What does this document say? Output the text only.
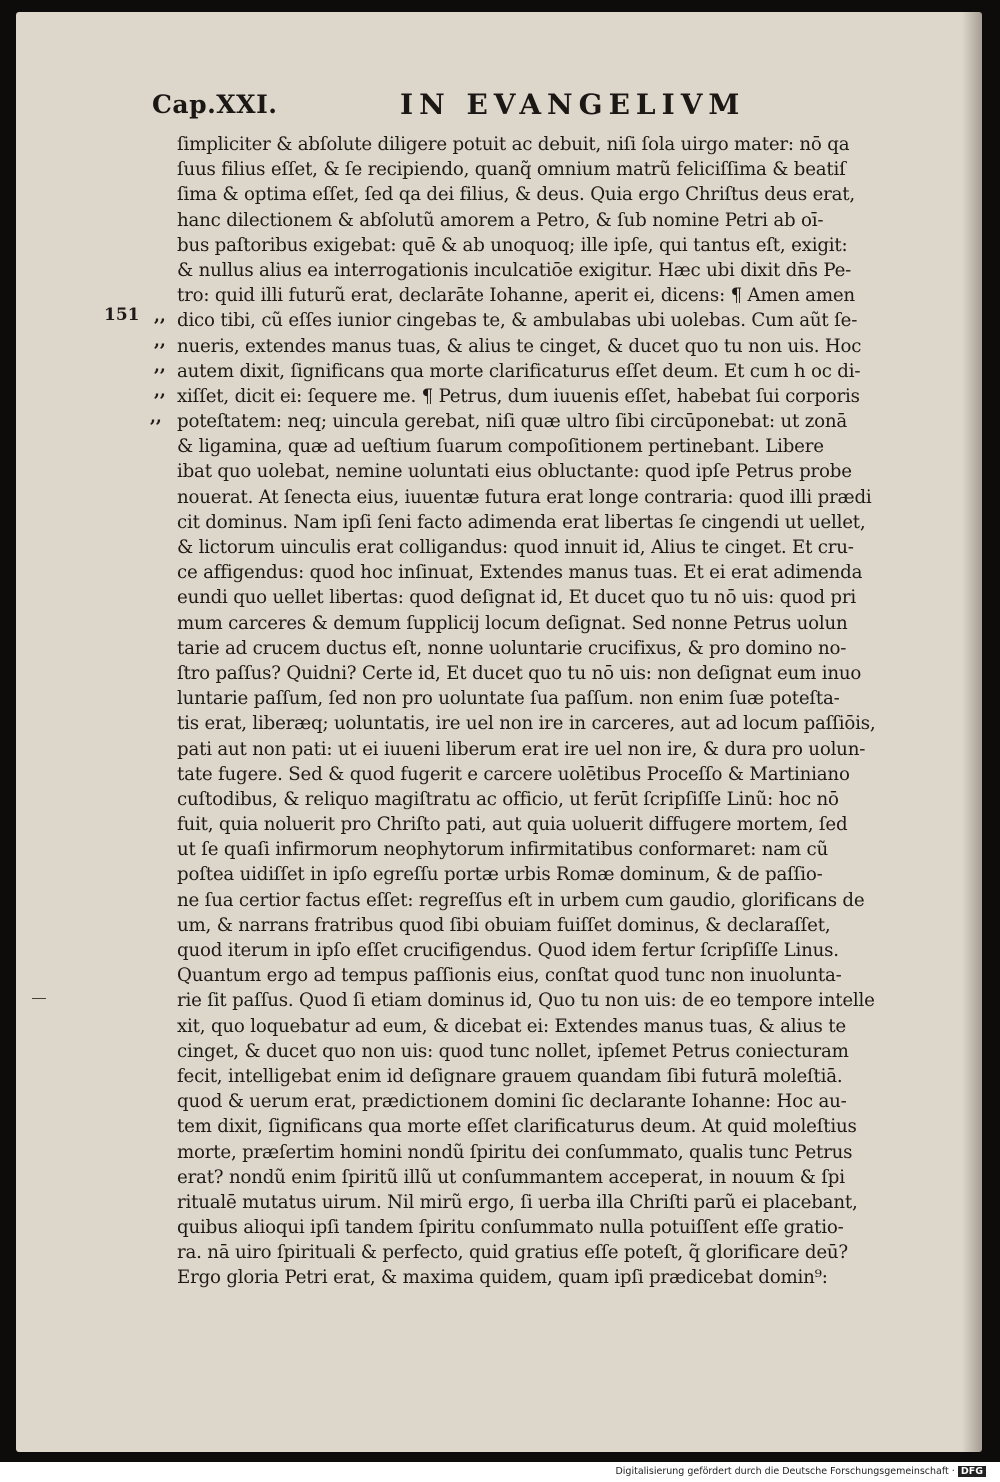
Cap.XXI.	IN EVANGELIVM
151 ,,
,,
,,
,,
,,
ſimpliciter & abſolute diligere potuit ac debuit, niſi ſola uirgo mater: nō qa
ſuus filius eſſet, & ſe recipiendo, quanq̃ omnium matrũ feliciſſima & beatiſ
ſima & optima eſſet, ſed qa dei filius, & deus. Quia ergo Chriſtus deus erat,
hanc dilectionem & abſolutũ amorem a Petro, & ſub nomine Petri ab oī-
bus paſtoribus exigebat: quē & ab unoquoq; ille ipſe, qui tantus eſt, exigit:
& nullus alius ea interrogationis inculcatiōe exigitur. Hæc ubi dixit dn̄s Pe-
tro: quid illi futurũ erat, declarāte Iohanne, aperit ei, dicens: ¶ Amen amen
dico tibi, cũ eſſes iunior cingebas te, & ambulabas ubi uolebas. Cum aũt ſe-
nueris, extendes manus tuas, & alius te cinget, & ducet quo tu non uis. Hoc
autem dixit, ſignificans qua morte clarificaturus eſſet deum. Et cum h oc di-
xiſſet, dicit ei: ſequere me. ¶ Petrus, dum iuuenis eſſet, habebat ſui corporis
poteſtatem: neq; uincula gerebat, niſi quæ ultro ſibi circūponebat: ut zonā
& ligamina, quæ ad ueſtium ſuarum compoſitionem pertinebant. Libere
ibat quo uolebat, nemine uoluntati eius obluctante: quod ipſe Petrus probe
nouerat. At ſenecta eius, iuuentæ futura erat longe contraria: quod illi prædi
cit dominus. Nam ipſi ſeni facto adimenda erat libertas ſe cingendi ut uellet,
& lictorum uinculis erat colligandus: quod innuit id, Alius te cinget. Et cru-
ce affigendus: quod hoc inſinuat, Extendes manus tuas. Et ei erat adimenda
eundi quo uellet libertas: quod deſignat id, Et ducet quo tu nō uis: quod pri
mum carceres & demum ſupplicij locum deſignat. Sed nonne Petrus uolun
tarie ad crucem ductus eſt, nonne uoluntarie crucifixus, & pro domino no-
ſtro paſſus? Quidni? Certe id, Et ducet quo tu nō uis: non deſignat eum inuo
luntarie paſſum, ſed non pro uoluntate ſua paſſum. non enim ſuæ poteſta-
tis erat, liberæq; uoluntatis, ire uel non ire in carceres, aut ad locum paſſiōis,
pati aut non pati: ut ei iuueni liberum erat ire uel non ire, & dura pro uolun-
tate fugere. Sed & quod fugerit e carcere uolētibus Proceſſo & Martiniano
cuſtodibus, & reliquo magiſtratu ac officio, ut ferūt ſcripſiſſe Linũ: hoc nō
fuit, quia noluerit pro Chriſto pati, aut quia uoluerit diffugere mortem, ſed
ut ſe quaſi infirmorum neophytorum infirmitatibus conformaret: nam cũ
poſtea uidiſſet in ipſo egreſſu portæ urbis Romæ dominum, & de paſſio-
ne ſua certior factus eſſet: regreſſus eſt in urbem cum gaudio, glorificans de
um, & narrans fratribus quod ſibi obuiam fuiſſet dominus, & declaraſſet,
quod iterum in ipſo eſſet crucifigendus. Quod idem fertur ſcripſiſſe Linus.
Quantum ergo ad tempus paſſionis eius, conſtat quod tunc non inuolunta-
rie ſit paſſus. Quod ſi etiam dominus id, Quo tu non uis: de eo tempore intelle
xit, quo loquebatur ad eum, & dicebat ei: Extendes manus tuas, & alius te
cinget, & ducet quo non uis: quod tunc nollet, ipſemet Petrus coniecturam
fecit, intelligebat enim id deſignare grauem quandam ſibi futurā moleſtiā.
quod & uerum erat, prædictionem domini ſic declarante Iohanne: Hoc au-
tem dixit, ſignificans qua morte eſſet clarificaturus deum. At quid moleſtius
morte, præſertim homini nondũ ſpiritu dei conſummato, qualis tunc Petrus
erat? nondũ enim ſpiritũ illũ ut conſummantem acceperat, in nouum & ſpi
ritualē mutatus uirum. Nil mirũ ergo, ſi uerba illa Chriſti parũ ei placebant,
quibus alioqui ipſi tandem ſpiritu conſummato nulla potuiſſent eſſe gratio-
ra. nā uiro ſpirituali & perfecto, quid gratius eſſe poteſt, q̃ glorificare deū?
Ergo gloria Petri erat, & maxima quidem, quam ipſi prædicebat domin⁹:
Digitalisierung gefördert durch die Deutsche Forschungsgemeinschaft · DFG
